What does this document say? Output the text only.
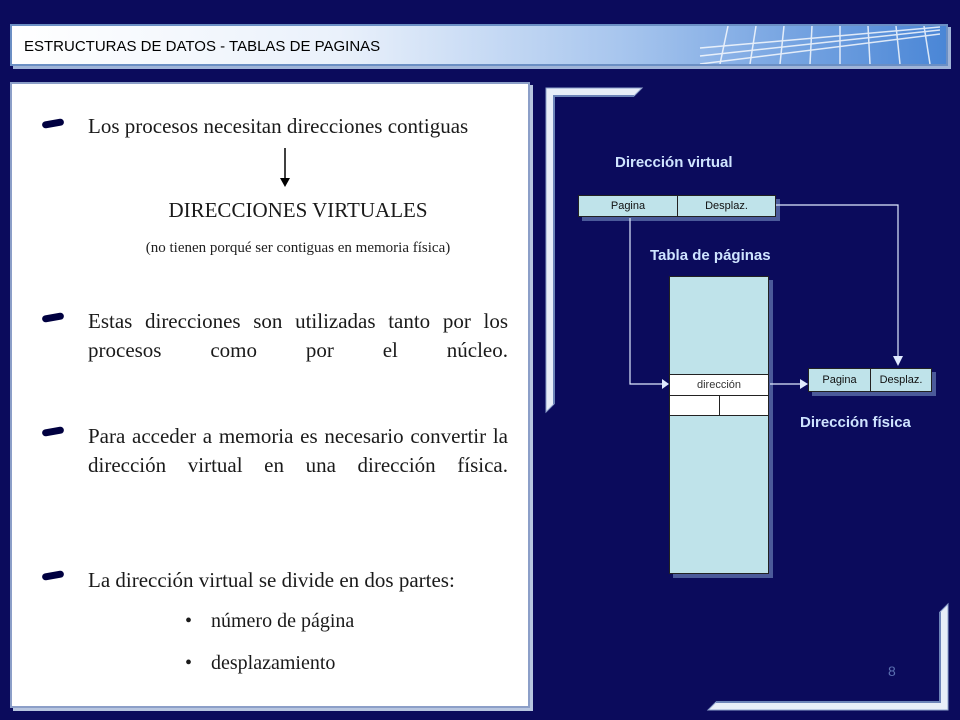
ESTRUCTURAS DE DATOS - TABLAS DE PAGINAS
Los procesos necesitan direcciones contiguas
DIRECCIONES VIRTUALES
(no tienen porqué ser contiguas en memoria física)
Estas direcciones son utilizadas tanto por los procesos como por el núcleo.
Para acceder a memoria es necesario convertir la dirección virtual en una dirección física.
La dirección virtual se divide en dos partes:
• número de página
• desplazamiento
Dirección virtual
Pagina	Desplaz.
Tabla de páginas
dirección	Pagina	Desplaz.
Dirección física
8
